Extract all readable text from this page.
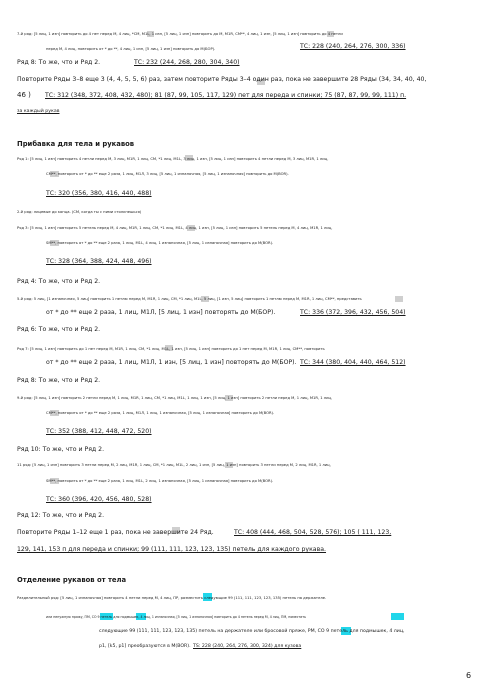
7-й ряд: [5 лиц, 1 изн] повторить до 4 пет перед М, 4 лиц, *СМ, М1L, 1 изн, [5 лиц, 1 изн] повторить до М, М1R, СМ**, 4 лиц, 1 изн, [5 лиц, 1 изн] повторить до 4 петли
перед М, 4 лиц, повторить от * до **, 4 лиц, 1 изн, [5 лиц, 1 изн] повторить до М(БОР).	ТС: 228 (240, 264, 276, 300, 336)
Ряд 8: То же, что и Ряд 2.	ТС: 232 (244, 268, 280, 304, 340)
Повторите Ряды 3–8 еще 3 (4, 4, 5, 5, 6) раз, затем повторите Ряды 3–4 один раз, пока не завершите 28 Ряды (34, 34, 40, 40,
46 ) ТС: 312 (348, 372, 408, 432, 480); 81 (87, 99, 105, 117, 129) пет для переда и спинки; 75 (87, 87, 99, 99, 111) п.
за каждый рукав
Прибавка для тела и рукавов
Ряд 1: [5 лиц, 1 изн] повторить 4 петли перед М, 3 лиц, M1R, 1 лиц, СМ, *1 лиц, M1L, 3 лиц, 1 изн, [5 лиц, 1 изн] повторить 4 петли перед М, 3 лиц, M1R, 1 лиц,
СМ**, повторить от * до ** еще 2 раза, 1 лиц, М1Л, 3 лиц, [5 лиц, 1 изнаночная, [5 лиц, 1 изнаночная] повторить до М(BOR).
ТС: 320 (356, 380, 416, 440, 488)
2-й ряд: лицевые до конца. (СМ, когда ты с ними столкнешься)
Ряд 3: [5 лиц, 1 изн] повторить 5 петель перед М, 4 лиц, M1R, 1 лиц, СМ, *1 лиц, M1L, 4 лиц, 1 изн, [5 лиц, 1 изн] повторить 5 петель перед М, 4 лиц, M1R, 1 лиц,
SM**, повторить от * до ** еще 2 раза, 1 лиц, M1L, 4 лиц, 1 изнаночная, [5 лиц, 1 изнаночная] повторить до М(BOR).
ТС: 328 (364, 388, 424, 448, 496)
Ряд 4: То же, что и Ряд 2.
5-й ряд: 5 лиц, [1 изнаночная, 5 лиц] повторить 1 петлю перед М, M1R, 1 лиц, СМ, *1 лиц, M1L, 5 лиц, [1 изн, 5 лиц] повторить 1 петлю перед М, M1R, 1 лиц, СМ**, представить
от * до ** еще 2 раза, 1 лиц, М1Л, [5 лиц, 1 изн] повторять до М(БОР).	ТС: 336 (372, 396, 432, 456, 504)
Ряд 6: То же, что и Ряд 2.
Ряд 7: [5 лиц, 1 изн] повторить до 1 пет перед М, M1R, 1 лиц, СМ, *1 лиц, M1L, 1 изн, [5 лиц, 1 изн] повторить до 1 пет перед М, M1R, 1 лиц, СМ**, повторить
от * до ** еще 2 раза, 1 лиц, М1Л, 1 изн, [5 лиц, 1 изн] повторять до М(БОР). ТС: 344 (380, 404, 440, 464, 512)
Ряд 8: То же, что и Ряд 2.
9-й ряд: [5 лиц, 1 изн] повторить 2 петли перед М, 1 лиц, M1R, 1 лиц, СМ, *1 лиц, M1L, 1 лиц, 1 изн, [5 лиц, 1 изн] повторить 2 петли перед М, 1 лиц, M1R, 1 лиц,
СМ**, повторить от * до ** еще 2 раза, 1 лиц, М1Л, 1 лиц, 1 изнаночная, [5 лиц, 1 изнаночная] повторить до М(BOR).
ТС: 352 (388, 412, 448, 472, 520)
Ряд 10: То же, что и Ряд 2.
11 ряд: [5 лиц, 1 изн] повторить 3 петли перед М, 2 лиц, M1R, 1 лиц, СМ, *1 лиц, M1L, 2 лиц, 1 изн, [5 лиц, 1 изн] повторить 3 петли перед М, 2 лиц, M1R, 1 лиц,
SM**, повторить от * до ** еще 2 раза, 1 лиц, M1L, 2 лиц, 1 изнаночная, [5 лиц, 1 изнаночная] повторить до М(BOR).
ТС: 360 (396, 420, 456, 480, 528)
Ряд 12: То же, что и Ряд 2.
Повторите Ряды 1–12 еще 1 раз, пока не завершите 24 Ряд.	ТС: 408 (444, 468, 504, 528, 576); 105 ( 111, 123,
129, 141, 153 п для переда и спинки; 99 (111, 111, 123, 123, 135) петель для каждого рукава.
Отделение рукавов от тела
Разделительный ряд: [5 лиц, 1 изнаночная] повторить 4 петли перед М, 4 лиц, ПР, разместить следующие 99 (111, 111, 123, 123, 135) петель на держателе.
или ненужную пряжу, ПМ, СО 9 петель для подмышек, 4 лиц, 1 изнаночная, [5 лиц, 1 изнаночная] повторить до 4 петель перед М, 4 лиц, ПМ, поместить
следующие 99 (111, 111, 123, 123, 135) петель на держателе или бросовой пряже, РМ, СО 9 петель для подмышек, 4 лиц,
p1, [k5, p1] преобразуются в М(BOR). TS: 228 (240, 264, 276, 300, 324) для кузова
6
